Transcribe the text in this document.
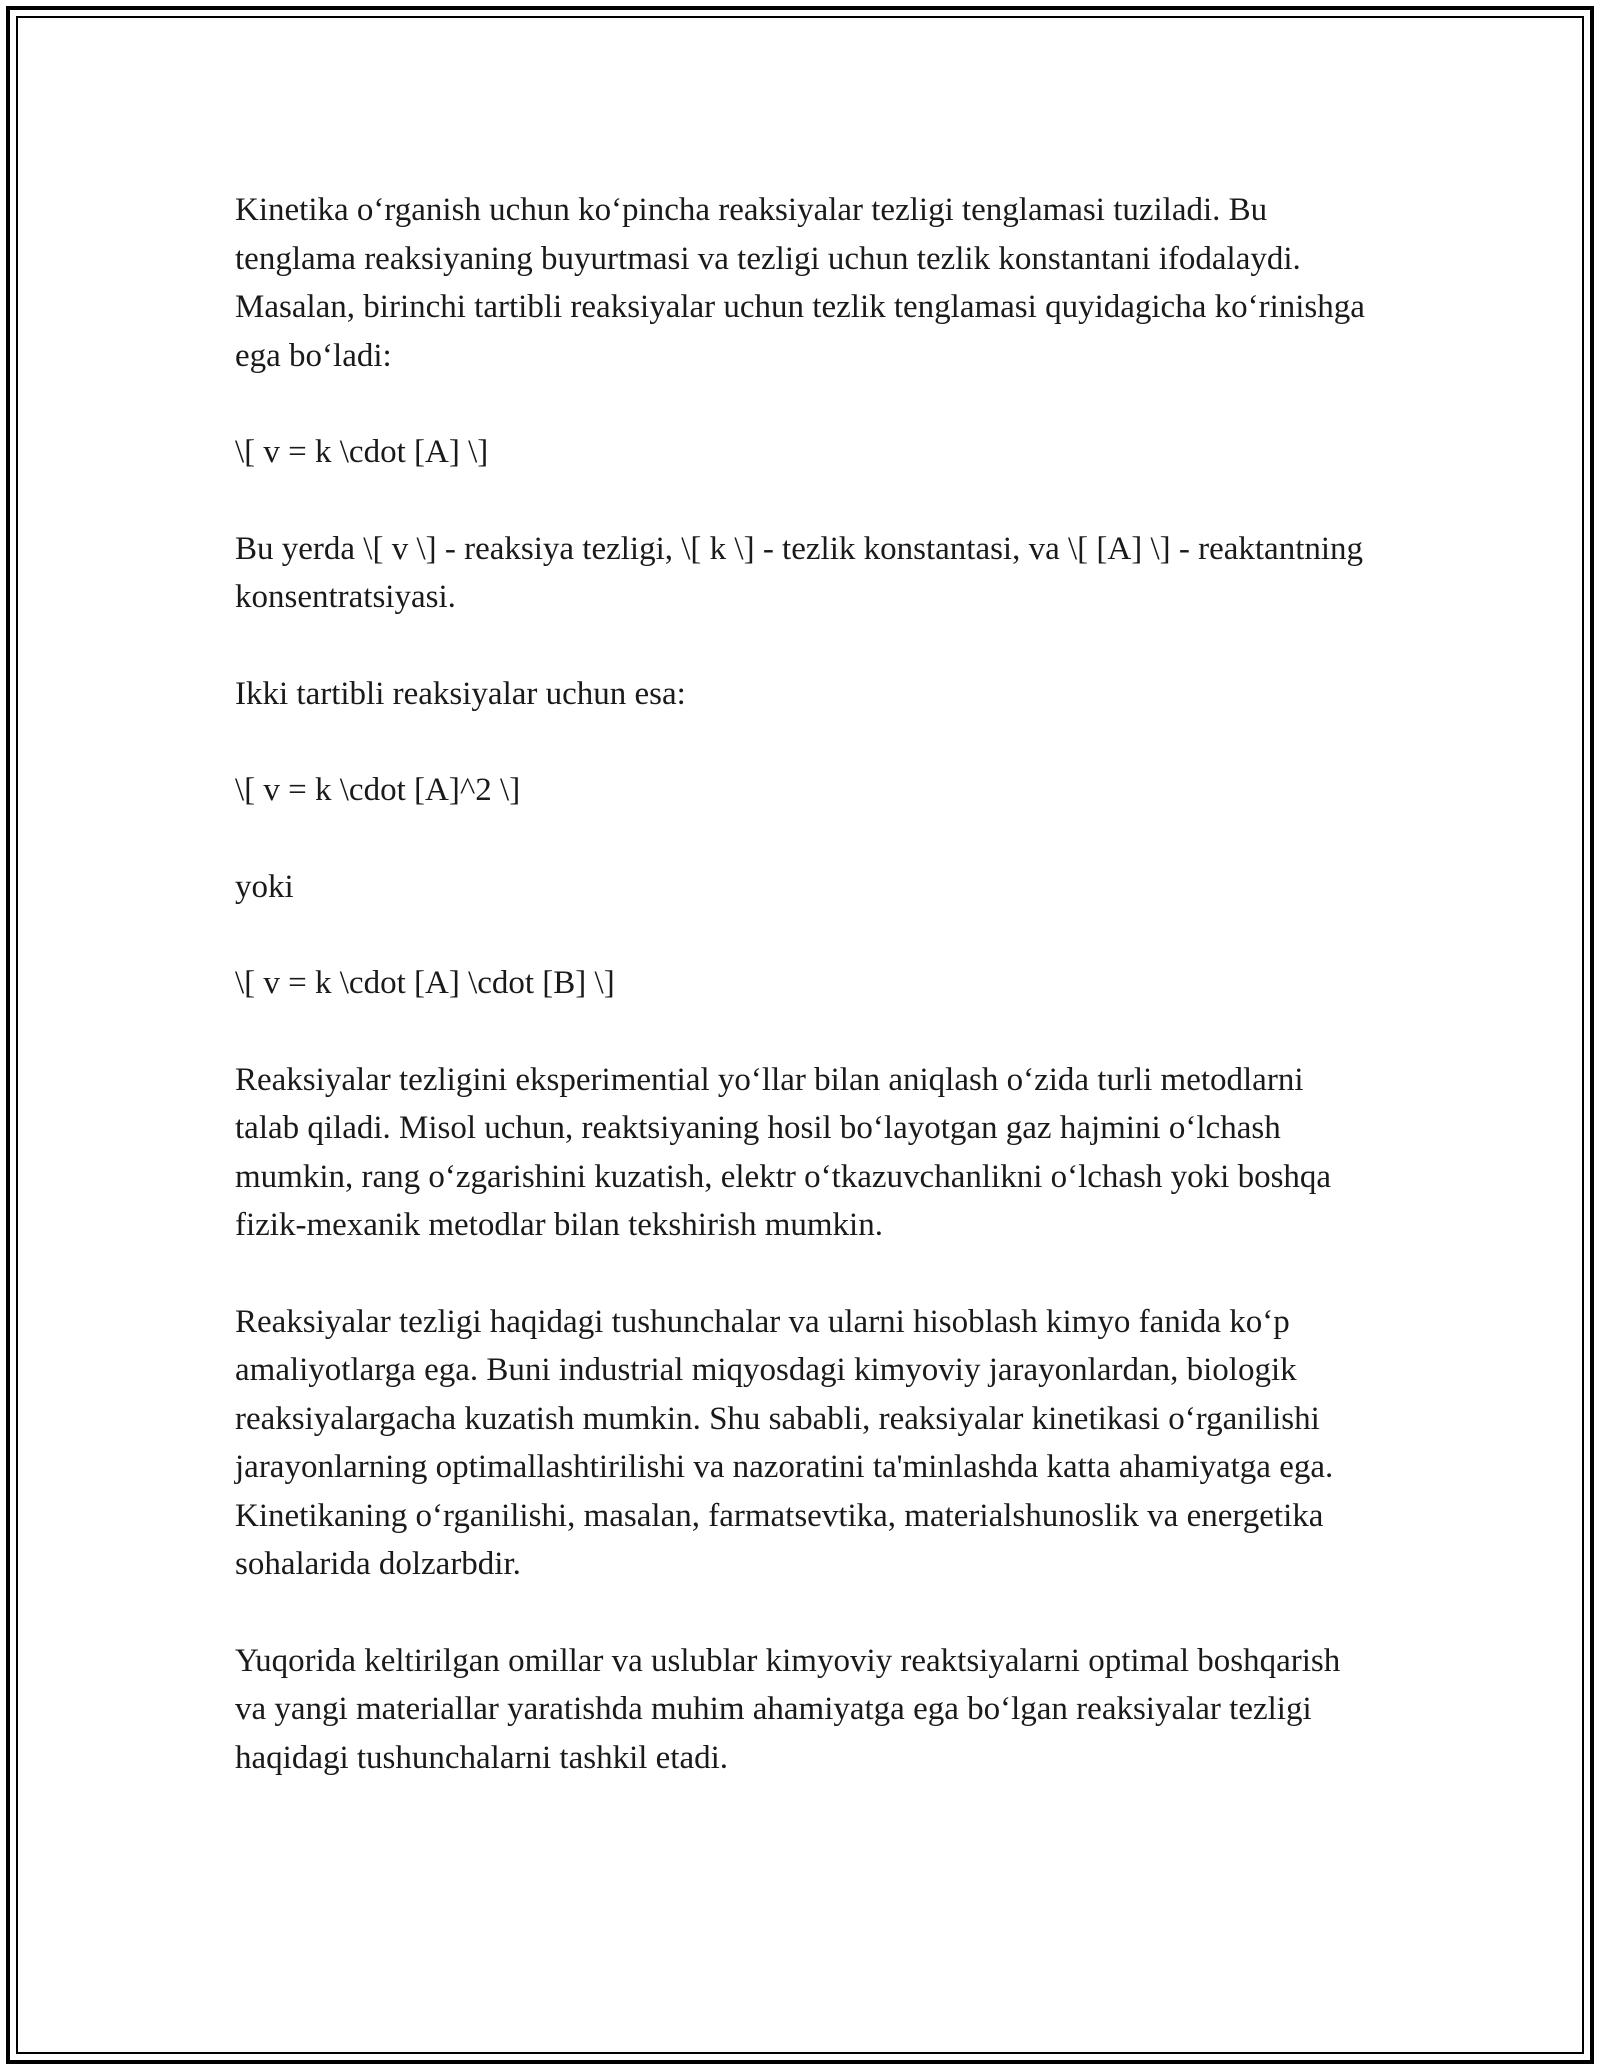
Kinetika o‘rganish uchun ko‘pincha reaksiyalar tezligi tenglamasi tuziladi. Bu tenglama reaksiyaning buyurtmasi va tezligi uchun tezlik konstantani ifodalaydi. Masalan, birinchi tartibli reaksiyalar uchun tezlik tenglamasi quyidagicha ko‘rinishga ega bo‘ladi:

\[ v = k \cdot [A] \]

Bu yerda \[ v \] - reaksiya tezligi, \[ k \] - tezlik konstantasi, va \[ [A] \] - reaktantning konsentratsiyasi.

Ikki tartibli reaksiyalar uchun esa:

\[ v = k \cdot [A]^2 \]

yoki

\[ v = k \cdot [A] \cdot [B] \]

Reaksiyalar tezligini eksperimential yo‘llar bilan aniqlash o‘zida turli metodlarni talab qiladi. Misol uchun, reaktsiyaning hosil bo‘layotgan gaz hajmini o‘lchash mumkin, rang o‘zgarishini kuzatish, elektr o‘tkazuvchanlikni o‘lchash yoki boshqa fizik-mexanik metodlar bilan tekshirish mumkin.

Reaksiyalar tezligi haqidagi tushunchalar va ularni hisoblash kimyo fanida ko‘p amaliyotlarga ega. Buni industrial miqyosdagi kimyoviy jarayonlardan, biologik reaksiyalargacha kuzatish mumkin. Shu sababli, reaksiyalar kinetikasi o‘rganilishi jarayonlarning optimallashtirilishi va nazoratini ta'minlashda katta ahamiyatga ega. Kinetikaning o‘rganilishi, masalan, farmatsevtika, materialshunoslik va energetika sohalarida dolzarbdir.

Yuqorida keltirilgan omillar va uslublar kimyoviy reaktsiyalarni optimal boshqarish va yangi materiallar yaratishda muhim ahamiyatga ega bo‘lgan reaksiyalar tezligi haqidagi tushunchalarni tashkil etadi.
